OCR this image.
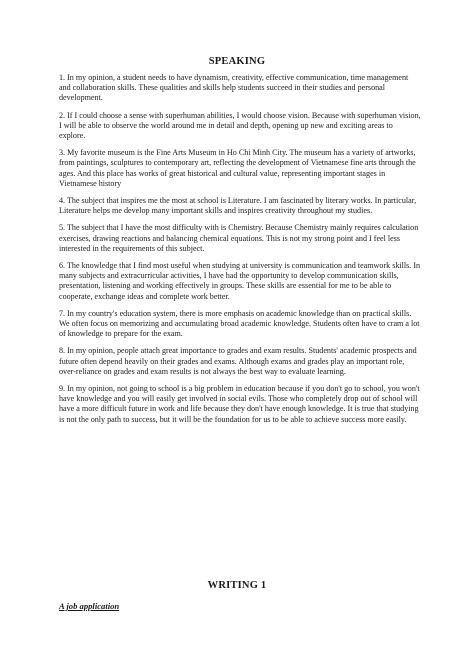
SPEAKING

1. In my opinion, a student needs to have dynamism, creativity, effective communication, time management and collaboration skills. These qualities and skills help students succeed in their studies and personal development.

2. If I could choose a sense with superhuman abilities, I would choose vision. Because with superhuman vision, I will be able to observe the world around me in detail and depth, opening up new and exciting areas to explore.

3. My favorite museum is the Fine Arts Museum in Ho Chi Minh City. The museum has a variety of artworks, from paintings, sculptures to contemporary art, reflecting the development of Vietnamese fine arts through the ages. And this place has works of great historical and cultural value, representing important stages in Vietnamese history

4. The subject that inspires me the most at school is Literature. I am fascinated by literary works. In particular, Literature helps me develop many important skills and inspires creativity throughout my studies.

5. The subject that I have the most difficulty with is Chemistry. Because Chemistry mainly requires calculation exercises, drawing reactions and balancing chemical equations. This is not my strong point and I feel less interested in the requirements of this subject.

6. The knowledge that I find most useful when studying at university is communication and teamwork skills. In many subjects and extracurricular activities, I have had the opportunity to develop communication skills, presentation, listening and working effectively in groups. These skills are essential for me to be able to cooperate, exchange ideas and complete work better.

7. In my country's education system, there is more emphasis on academic knowledge than on practical skills. We often focus on memorizing and accumulating broad academic knowledge. Students often have to cram a lot of knowledge to prepare for the exam.

8. In my opinion, people attach great importance to grades and exam results. Students' academic prospects and future often depend heavily on their grades and exams. Although exams and grades play an important role, over-reliance on grades and exam results is not always the best way to evaluate learning.

9. In my opinion, not going to school is a big problem in education because if you don't go to school, you won't have knowledge and you will easily get involved in social evils. Those who completely drop out of school will have a more difficult future in work and life because they don't have enough knowledge. It is true that studying is not the only path to success, but it will be the foundation for us to be able to achieve success more easily.

WRITING 1
A job application
